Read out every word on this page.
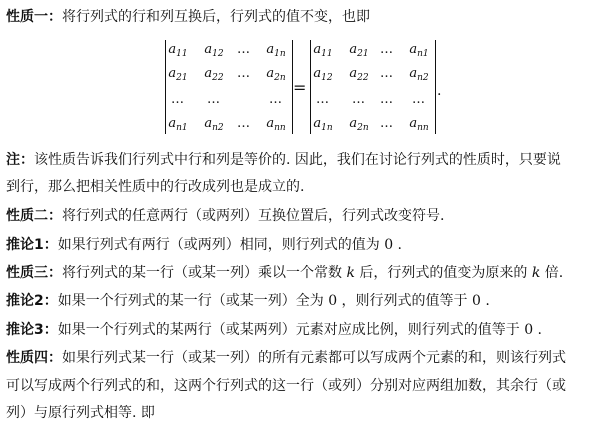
性质一：将行列式的行和列互换后，行列式的值不变，也即
$a_{11}$	$a_{12}$	…	$a_{1n}$
$a_{21}$	$a_{22}$	…	$a_{2n}$
…	…	…
$a_{n1}$	$a_{n2}$	…	$a_{nn}$
=
$a_{11}$	$a_{21}$ …	$a_{n1}$
$a_{12}$	$a_{22}$ …	$a_{n2}$
…	…	…	…
$a_{1n}$	$a_{2n}$ …	$a_{nn}$
.
注：该性质告诉我们行列式中行和列是等价的. 因此，我们在讨论行列式的性质时，只要说
到行，那么把相关性质中的行改成列也是成立的.
性质二：将行列式的任意两行（或两列）互换位置后，行列式改变符号.
推论1：如果行列式有两行（或两列）相同，则行列式的值为 0 .
性质三：将行列式的某一行（或某一列）乘以一个常数 k 后，行列式的值变为原来的 k 倍.
推论2：如果一个行列式的某一行（或某一列）全为 0 ，则行列式的值等于 0 .
推论3：如果一个行列式的某两行（或某两列）元素对应成比例，则行列式的值等于 0 .
性质四：如果行列式某一行（或某一列）的所有元素都可以写成两个元素的和，则该行列式
可以写成两个行列式的和，这两个行列式的这一行（或列）分别对应两组加数，其余行（或
列）与原行列式相等. 即
